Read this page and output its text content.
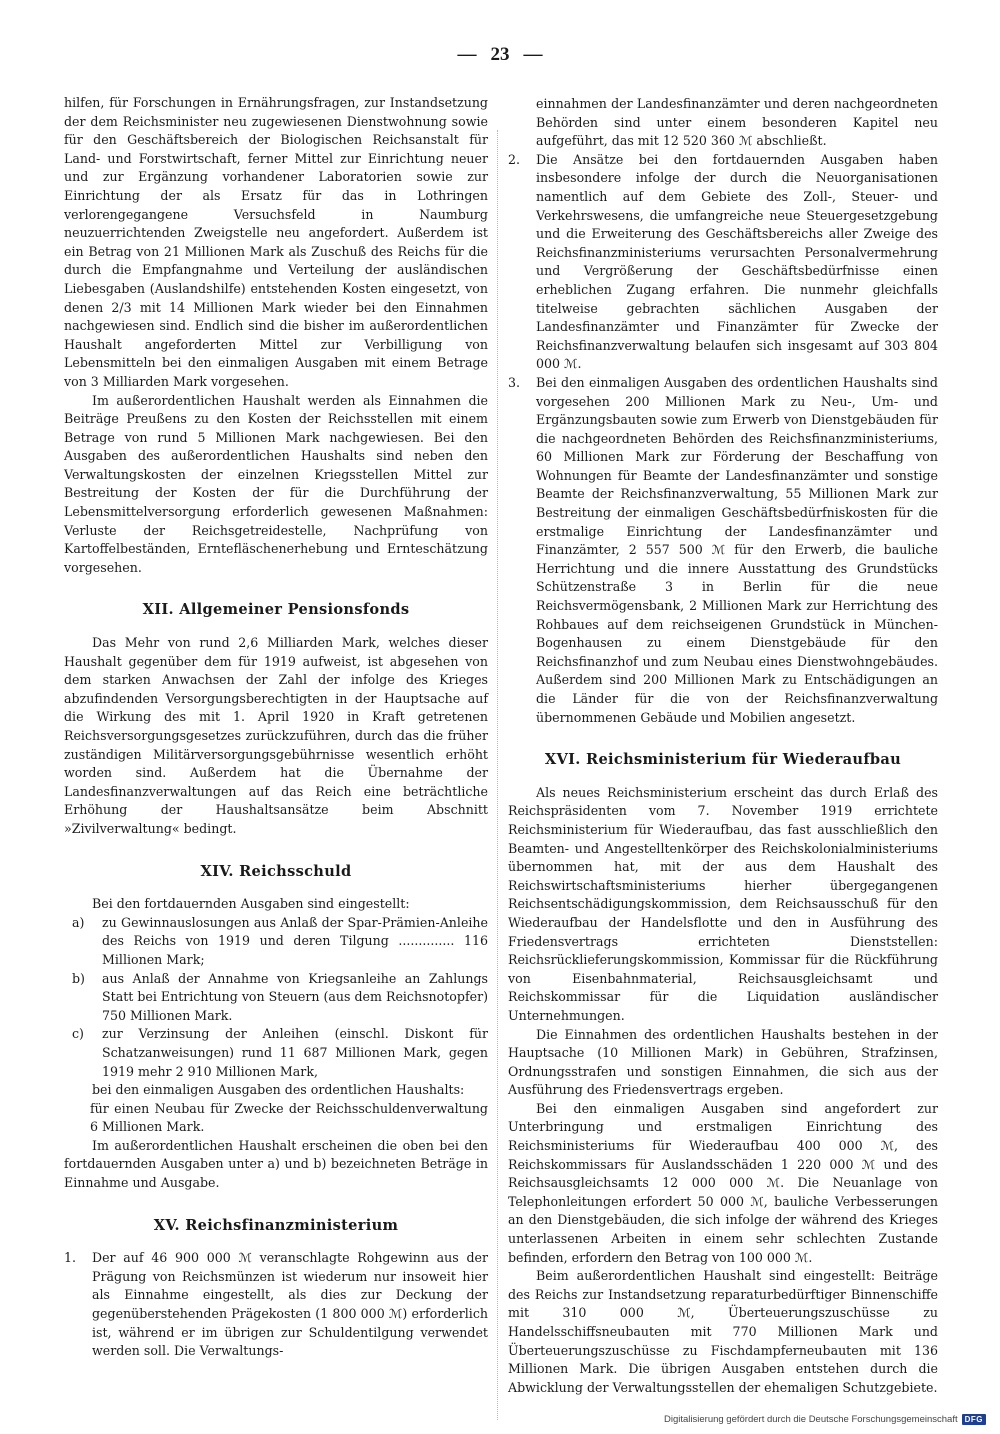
— 23 —

hilfen, für Forschungen in Ernährungsfragen, zur Instandsetzung der dem Reichsminister neu zugewiesenen Dienstwohnung sowie für den Geschäftsbereich der Biologischen Reichsanstalt für Land- und Forstwirtschaft, ferner Mittel zur Einrichtung neuer und zur Ergänzung vorhandener Laboratorien sowie zur Einrichtung der als Ersatz für das in Lothringen verlorengegangene Versuchsfeld in Naumburg neuzuerrichtenden Zweigstelle neu angefordert. Außerdem ist ein Betrag von 21 Millionen Mark als Zuschuß des Reichs für die durch die Empfangnahme und Verteilung der ausländischen Liebesgaben (Auslandshilfe) entstehenden Kosten eingesetzt, von denen 2/3 mit 14 Millionen Mark wieder bei den Einnahmen nachgewiesen sind. Endlich sind die bisher im außerordentlichen Haushalt angeforderten Mittel zur Verbilligung von Lebensmitteln bei den einmaligen Ausgaben mit einem Betrage von 3 Milliarden Mark vorgesehen.

Im außerordentlichen Haushalt werden als Einnahmen die Beiträge Preußens zu den Kosten der Reichsstellen mit einem Betrage von rund 5 Millionen Mark nachgewiesen. Bei den Ausgaben des außerordentlichen Haushalts sind neben den Verwaltungskosten der einzelnen Kriegsstellen Mittel zur Bestreitung der Kosten der für die Durchführung der Lebensmittelversorgung erforderlich gewesenen Maßnahmen: Verluste der Reichsgetreidestelle, Nachprüfung von Kartoffelbeständen, Erntefläschenerhebung und Ernteschätzung vorgesehen.

XII. Allgemeiner Pensionsfonds

Das Mehr von rund 2,6 Milliarden Mark, welches dieser Haushalt gegenüber dem für 1919 aufweist, ist abgesehen von dem starken Anwachsen der Zahl der infolge des Krieges abzufindenden Versorgungsberechtigten in der Hauptsache auf die Wirkung des mit 1. April 1920 in Kraft getretenen Reichsversorgungsgesetzes zurückzuführen, durch das die früher zuständigen Militärversorgungsgebührnisse wesentlich erhöht worden sind. Außerdem hat die Übernahme der Landesfinanzverwaltungen auf das Reich eine beträchtliche Erhöhung der Haushaltsansätze beim Abschnitt »Zivilverwaltung« bedingt.

XIV. Reichsschuld

Bei den fortdauernden Ausgaben sind eingestellt:

a)	zu Gewinnauslosungen aus Anlaß der Spar-Prämien-Anleihe des Reichs von 1919 und deren Tilgung .............. 116 Millionen Mark;
b)	aus Anlaß der Annahme von Kriegsanleihe an Zahlungs Statt bei Entrichtung von Steuern (aus dem Reichsnotopfer) 750 Millionen Mark.
c)	zur Verzinsung der Anleihen (einschl. Diskont für Schatzanweisungen) rund 11 687 Millionen Mark, gegen 1919 mehr 2 910 Millionen Mark,

bei den einmaligen Ausgaben des ordentlichen Haushalts:

für einen Neubau für Zwecke der Reichsschuldenverwaltung 6 Millionen Mark.

Im außerordentlichen Haushalt erscheinen die oben bei den fortdauernden Ausgaben unter a) und b) bezeichneten Beträge in Einnahme und Ausgabe.

XV. Reichsfinanzministerium
1.	Der auf 46 900 000 ℳ veranschlagte Rohgewinn aus der Prägung von Reichsmünzen ist wiederum nur insoweit hier als Einnahme eingestellt, als dies zur Deckung der gegenüberstehenden Prägekosten (1 800 000 ℳ) erforderlich ist, während er im übrigen zur Schuldentilgung verwendet werden soll. Die Verwaltungs-
einnahmen der Landesfinanzämter und deren nachgeordneten Behörden sind unter einem besonderen Kapitel neu aufgeführt, das mit 12 520 360 ℳ abschließt.
2.	Die Ansätze bei den fortdauernden Ausgaben haben insbesondere infolge der durch die Neuorganisationen namentlich auf dem Gebiete des Zoll-, Steuer- und Verkehrswesens, die umfangreiche neue Steuergesetzgebung und die Erweiterung des Geschäftsbereichs aller Zweige des Reichsfinanzministeriums verursachten Personalvermehrung und Vergrößerung der Geschäftsbedürfnisse einen erheblichen Zugang erfahren. Die nunmehr gleichfalls titelweise gebrachten sächlichen Ausgaben der Landesfinanzämter und Finanzämter für Zwecke der Reichsfinanzverwaltung belaufen sich insgesamt auf 303 804 000 ℳ.
3.	Bei den einmaligen Ausgaben des ordentlichen Haushalts sind vorgesehen 200 Millionen Mark zu Neu-, Um- und Ergänzungsbauten sowie zum Erwerb von Dienstgebäuden für die nachgeordneten Behörden des Reichsfinanzministeriums, 60 Millionen Mark zur Förderung der Beschaffung von Wohnungen für Beamte der Landesfinanzämter und sonstige Beamte der Reichsfinanzverwaltung, 55 Millionen Mark zur Bestreitung der einmaligen Geschäftsbedürfniskosten für die erstmalige Einrichtung der Landesfinanzämter und Finanzämter, 2 557 500 ℳ für den Erwerb, die bauliche Herrichtung und die innere Ausstattung des Grundstücks Schützenstraße 3 in Berlin für die neue Reichsvermögensbank, 2 Millionen Mark zur Herrichtung des Rohbaues auf dem reichseigenen Grundstück in München-Bogenhausen zu einem Dienstgebäude für den Reichsfinanzhof und zum Neubau eines Dienstwohngebäudes. Außerdem sind 200 Millionen Mark zu Entschädigungen an die Länder für die von der Reichsfinanzverwaltung übernommenen Gebäude und Mobilien angesetzt.
XVI. Reichsministerium für Wiederaufbau

Als neues Reichsministerium erscheint das durch Erlaß des Reichspräsidenten vom 7. November 1919 errichtete Reichsministerium für Wiederaufbau, das fast ausschließlich den Beamten- und Angestelltenkörper des Reichskolonialministeriums übernommen hat, mit der aus dem Haushalt des Reichswirtschaftsministeriums hierher übergegangenen Reichsentschädigungskommission, dem Reichsausschuß für den Wiederaufbau der Handelsflotte und den in Ausführung des Friedensvertrags errichteten Dienststellen: Reichsrücklieferungskommission, Kommissar für die Rückführung von Eisenbahnmaterial, Reichsausgleichsamt und Reichskommissar für die Liquidation ausländischer Unternehmungen.

Die Einnahmen des ordentlichen Haushalts bestehen in der Hauptsache (10 Millionen Mark) in Gebühren, Strafzinsen, Ordnungsstrafen und sonstigen Einnahmen, die sich aus der Ausführung des Friedensvertrags ergeben.

Bei den einmaligen Ausgaben sind angefordert zur Unterbringung und erstmaligen Einrichtung des Reichsministeriums für Wiederaufbau 400 000 ℳ, des Reichskommissars für Auslandsschäden 1 220 000 ℳ und des Reichsausgleichsamts 12 000 000 ℳ. Die Neuanlage von Telephonleitungen erfordert 50 000 ℳ, bauliche Verbesserungen an den Dienstgebäuden, die sich infolge der während des Krieges unterlassenen Arbeiten in einem sehr schlechten Zustande befinden, erfordern den Betrag von 100 000 ℳ.

Beim außerordentlichen Haushalt sind eingestellt: Beiträge des Reichs zur Instandsetzung reparaturbedürftiger Binnenschiffe mit 310 000 ℳ, Überteuerungszuschüsse zu Handelsschiffsneubauten mit 770 Millionen Mark und Überteuerungszuschüsse zu Fischdampferneubauten mit 136 Millionen Mark. Die übrigen Ausgaben entstehen durch die Abwicklung der Verwaltungsstellen der ehemaligen Schutzgebiete.

Digitalisierung gefördert durch die Deutsche Forschungsgemeinschaft DFG
